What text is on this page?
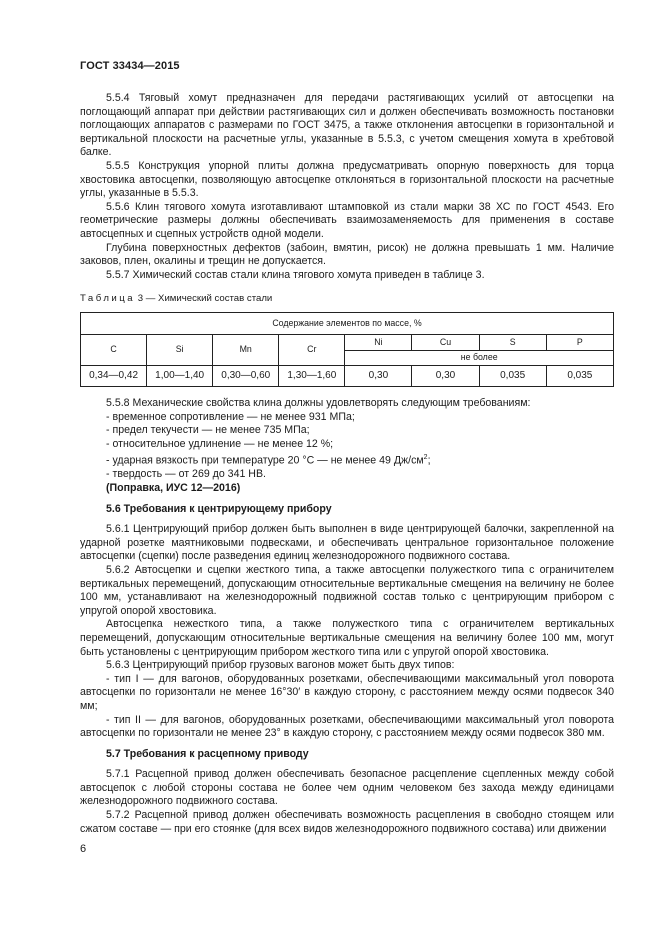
ГОСТ 33434—2015

5.5.4 Тяговый хомут предназначен для передачи растягивающих усилий от автосцепки на поглощающий аппарат при действии растягивающих сил и должен обеспечивать возможность постановки поглощающих аппаратов с размерами по ГОСТ 3475, а также отклонения автосцепки в горизонтальной и вертикальной плоскости на расчетные углы, указанные в 5.5.3, с учетом смещения хомута в хребтовой балке.

5.5.5 Конструкция упорной плиты должна предусматривать опорную поверхность для торца хвостовика автосцепки, позволяющую автосцепке отклоняться в горизонтальной плоскости на расчетные углы, указанные в 5.5.3.

5.5.6 Клин тягового хомута изготавливают штамповкой из стали марки 38 ХС по ГОСТ 4543. Его геометрические размеры должны обеспечивать взаимозаменяемость для применения в составе автосцепных и сцепных устройств одной модели.

Глубина поверхностных дефектов (забоин, вмятин, рисок) не должна превышать 1 мм. Наличие заковов, плен, окалины и трещин не допускается.

5.5.7 Химический состав стали клина тягового хомута приведен в таблице 3.

Таблица 3 — Химический состав стали

Содержание элементов по массе, %							
C	Si	Mn	Cr	Ni	Cu	S	P
				не более			
0,34—0,42	1,00—1,40	0,30—0,60	1,30—1,60	0,30	0,30	0,035	0,035

5.5.8 Механические свойства клина должны удовлетворять следующим требованиям:

- временное сопротивление — не менее 931 МПа;

- предел текучести — не менее 735 МПа;

- относительное удлинение — не менее 12 %;

- ударная вязкость при температуре 20 °С — не менее 49 $Дж/см^2$;

- твердость — от 269 до 341 НВ.

(Поправка, ИУС 12—2016)

5.6 Требования к центрирующему прибору

5.6.1 Центрирующий прибор должен быть выполнен в виде центрирующей балочки, закрепленной на ударной розетке маятниковыми подвесками, и обеспечивать центральное горизонтальное положение автосцепки (сцепки) после разведения единиц железнодорожного подвижного состава.

5.6.2 Автосцепки и сцепки жесткого типа, а также автосцепки полужесткого типа с ограничителем вертикальных перемещений, допускающим относительные вертикальные смещения на величину не более 100 мм, устанавливают на железнодорожный подвижной состав только с центрирующим прибором с упругой опорой хвостовика.

Автосцепка нежесткого типа, а также полужесткого типа с ограничителем вертикальных перемещений, допускающим относительные вертикальные смещения на величину более 100 мм, могут быть установлены с центрирующим прибором жесткого типа или с упругой опорой хвостовика.

5.6.3 Центрирующий прибор грузовых вагонов может быть двух типов:

- тип I — для вагонов, оборудованных розетками, обеспечивающими максимальный угол поворота автосцепки по горизонтали не менее 16°30′ в каждую сторону, с расстоянием между осями подвесок 340 мм;

- тип II — для вагонов, оборудованных розетками, обеспечивающими максимальный угол поворота автосцепки по горизонтали не менее 23° в каждую сторону, с расстоянием между осями подвесок 380 мм.

5.7 Требования к расцепному приводу

5.7.1 Расцепной привод должен обеспечивать безопасное расцепление сцепленных между собой автосцепок с любой стороны состава не более чем одним человеком без захода между единицами железнодорожного подвижного состава.

5.7.2 Расцепной привод должен обеспечивать возможность расцепления в свободно стоящем или сжатом составе — при его стоянке (для всех видов железнодорожного подвижного состава) или движении

6
